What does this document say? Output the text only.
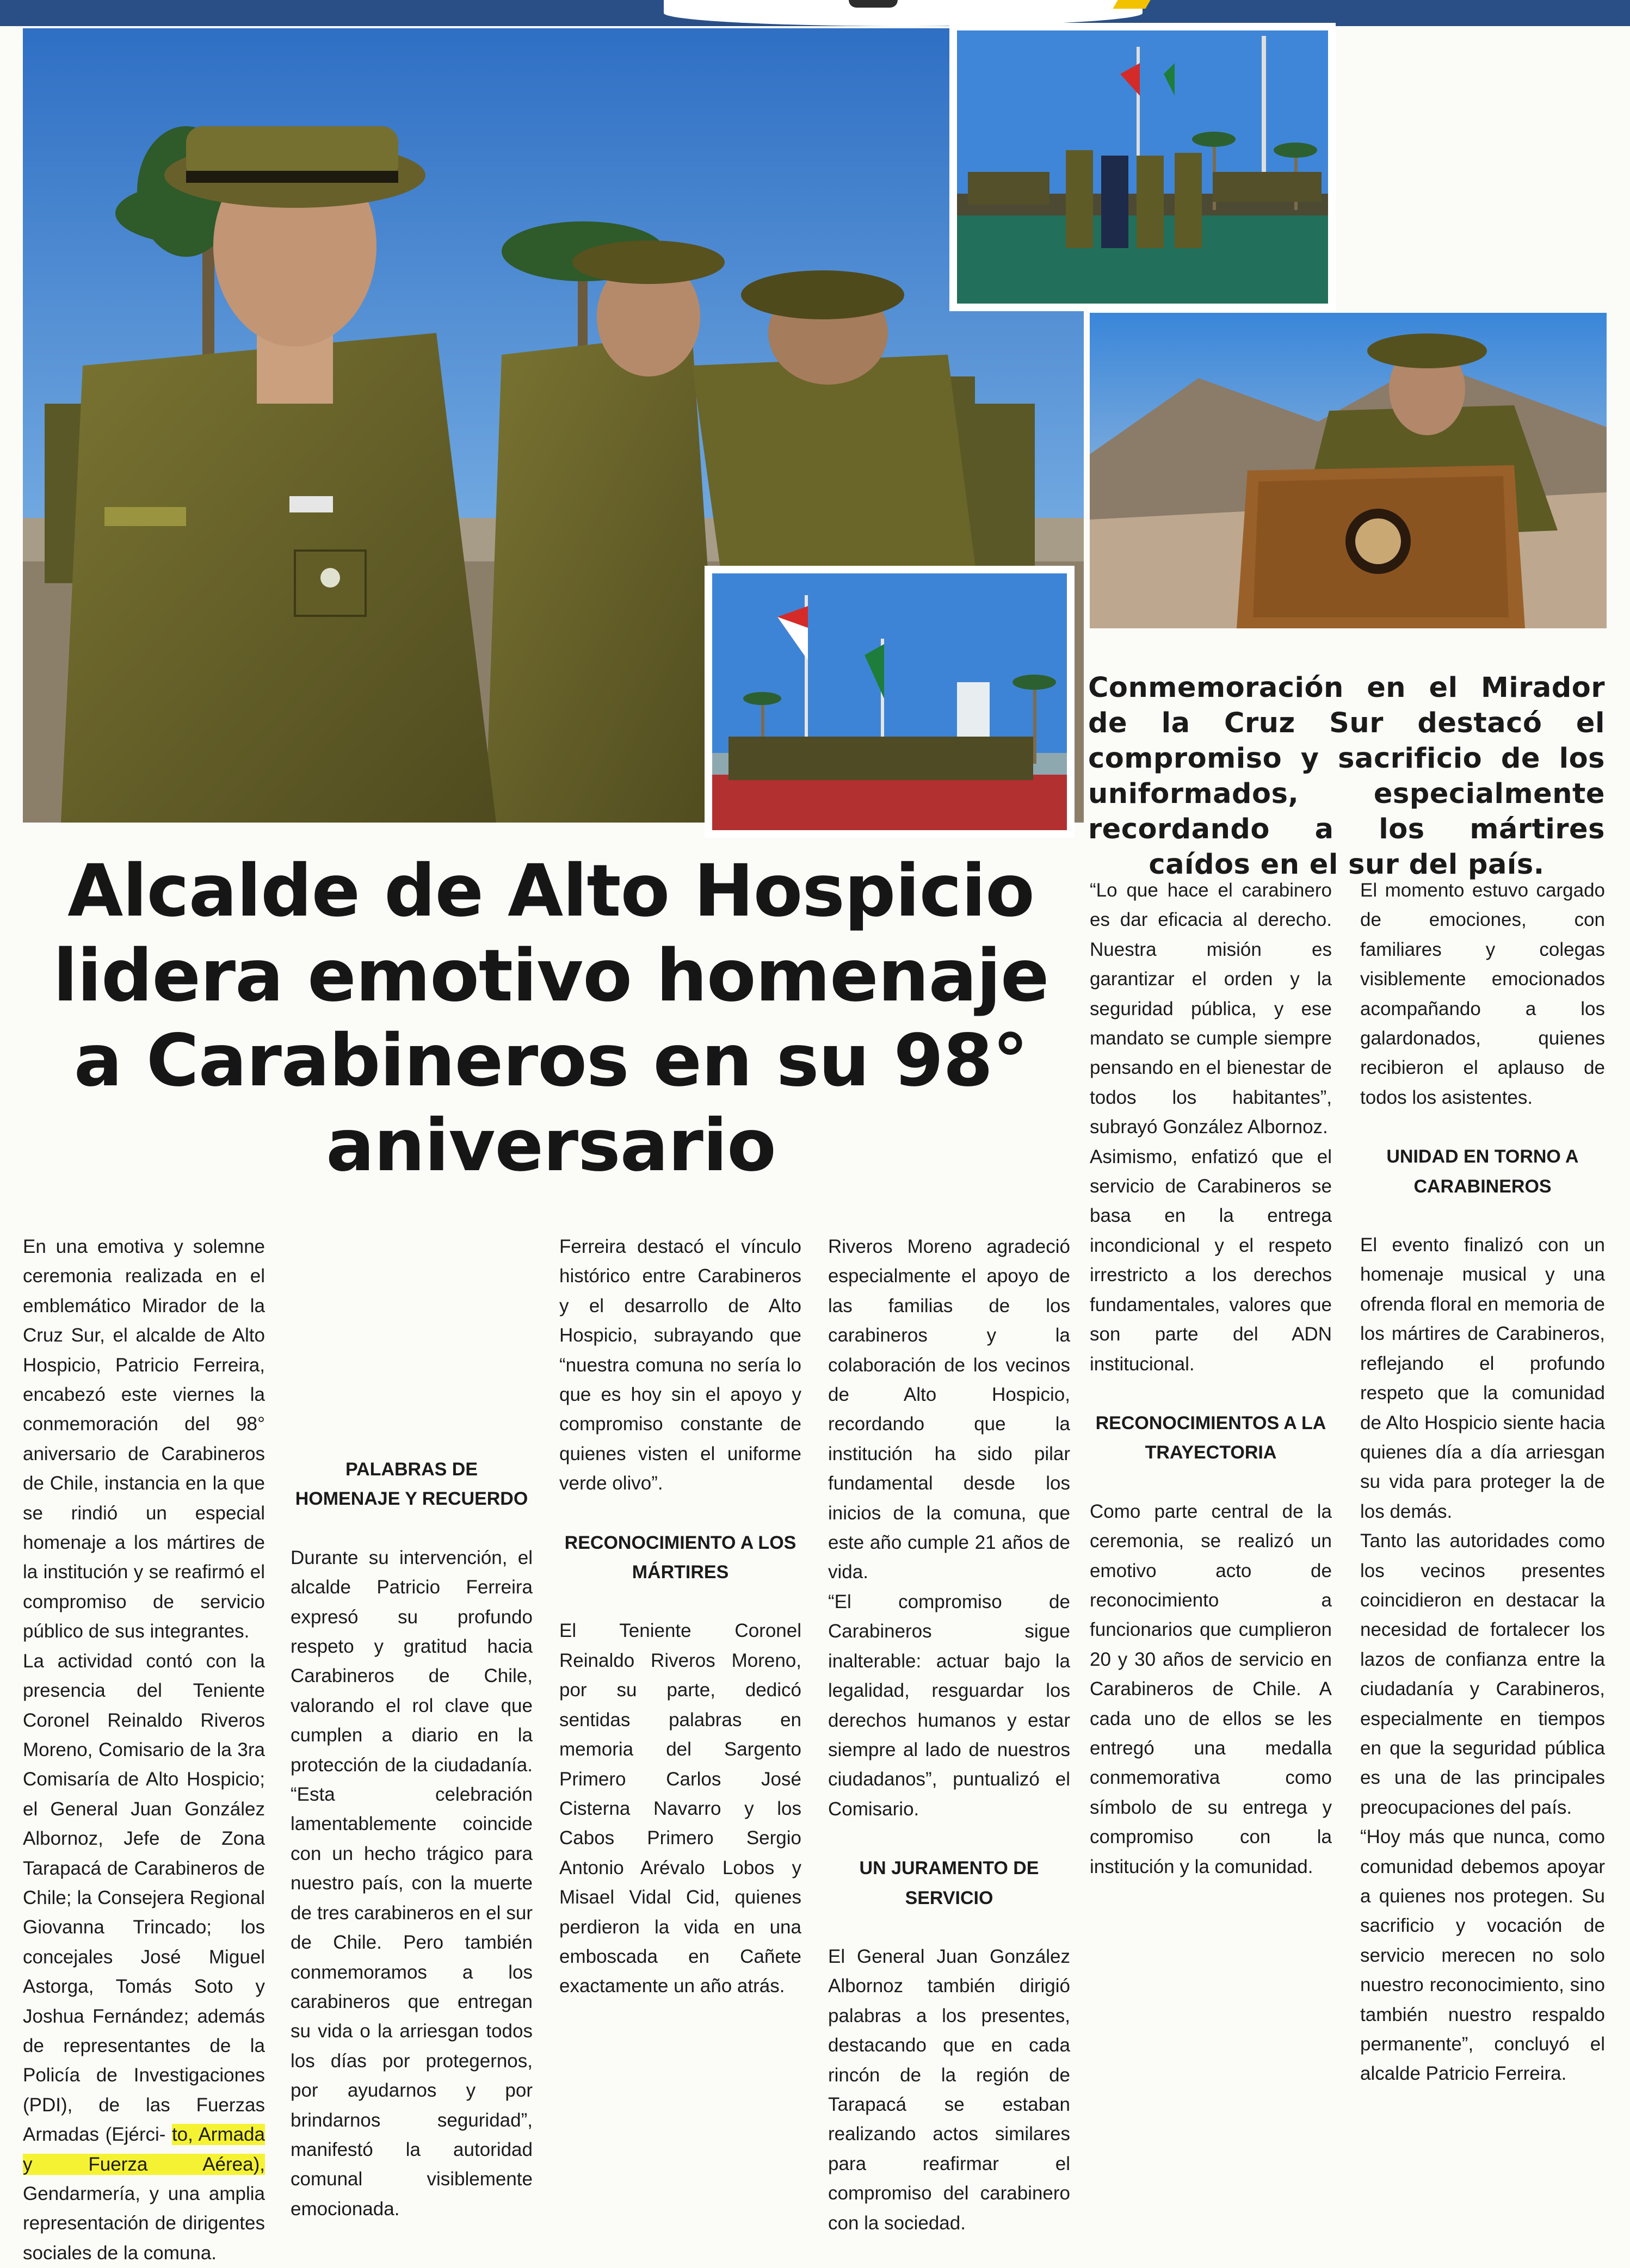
Conmemoración en el Mirador de la Cruz Sur destacó el compromiso y sacrificio de los uniformados, especialmente recordando a los mártires caídos en el sur del país.
Alcalde de Alto Hospicio lidera emotivo homenaje a Carabineros en su 98° aniversario

En una emotiva y solemne ceremonia realizada en el emblemático Mirador de la Cruz Sur, el alcalde de Alto Hospicio, Patricio Ferreira, encabezó este viernes la conmemoración del 98° aniversario de Carabineros de Chile, instancia en la que se rindió un especial homenaje a los mártires de la institución y se reafirmó el compromiso de servicio público de sus integrantes.

La actividad contó con la presencia del Teniente Coronel Reinaldo Riveros Moreno, Comisario de la 3ra Comisaría de Alto Hospicio; el General Juan González Albornoz, Jefe de Zona Tarapacá de Carabineros de Chile; la Consejera Regional Giovanna Trincado; los concejales José Miguel Astorga, Tomás Soto y Joshua Fernández; además de representantes de la Policía de Investigaciones (PDI), de las Fuerzas Armadas (Ejérci- to, Armada y Fuerza Aérea), Gendarmería, y una amplia representación de dirigentes sociales de la comuna.

PALABRAS DE HOMENAJE Y RECUERDO

Durante su intervención, el alcalde Patricio Ferreira expresó su profundo respeto y gratitud hacia Carabineros de Chile, valorando el rol clave que cumplen a diario en la protección de la ciudadanía. “Esta celebración lamentablemente coincide con un hecho trágico para nuestro país, con la muerte de tres carabineros en el sur de Chile. Pero también conmemoramos a los carabineros que entregan su vida o la arriesgan todos los días por protegernos, por ayudarnos y por brindarnos seguridad”, manifestó la autoridad comunal visiblemente emocionada.

Ferreira destacó el vínculo histórico entre Carabineros y el desarrollo de Alto Hospicio, subrayando que “nuestra comuna no sería lo que es hoy sin el apoyo y compromiso constante de quienes visten el uniforme verde olivo”.

RECONOCIMIENTO A LOS MÁRTIRES

El Teniente Coronel Reinaldo Riveros Moreno, por su parte, dedicó sentidas palabras en memoria del Sargento Primero Carlos José Cisterna Navarro y los Cabos Primero Sergio Antonio Arévalo Lobos y Misael Vidal Cid, quienes perdieron la vida en una emboscada en Cañete exactamente un año atrás.

Riveros Moreno agradeció especialmente el apoyo de las familias de los carabineros y la colaboración de los vecinos de Alto Hospicio, recordando que la institución ha sido pilar fundamental desde los inicios de la comuna, que este año cumple 21 años de vida.

“El compromiso de Carabineros sigue inalterable: actuar bajo la legalidad, resguardar los derechos humanos y estar siempre al lado de nuestros ciudadanos”, puntualizó el Comisario.

UN JURAMENTO DE SERVICIO

El General Juan González Albornoz también dirigió palabras a los presentes, destacando que en cada rincón de la región de Tarapacá se estaban realizando actos similares para reafirmar el compromiso del carabinero con la sociedad.

“Lo que hace el carabinero es dar eficacia al derecho. Nuestra misión es garantizar el orden y la seguridad pública, y ese mandato se cumple siempre pensando en el bienestar de todos los habitantes”, subrayó González Albornoz.

Asimismo, enfatizó que el servicio de Carabineros se basa en la entrega incondicional y el respeto irrestricto a los derechos fundamentales, valores que son parte del ADN institucional.

RECONOCIMIENTOS A LA TRAYECTORIA

Como parte central de la ceremonia, se realizó un emotivo acto de reconocimiento a funcionarios que cumplieron 20 y 30 años de servicio en Carabineros de Chile. A cada uno de ellos se les entregó una medalla conmemorativa como símbolo de su entrega y compromiso con la institución y la comunidad.

El momento estuvo cargado de emociones, con familiares y colegas visiblemente emocionados acompañando a los galardonados, quienes recibieron el aplauso de todos los asistentes.

UNIDAD EN TORNO A CARABINEROS

El evento finalizó con un homenaje musical y una ofrenda floral en memoria de los mártires de Carabineros, reflejando el profundo respeto que la comunidad de Alto Hospicio siente hacia quienes día a día arriesgan su vida para proteger la de los demás.

Tanto las autoridades como los vecinos presentes coincidieron en destacar la necesidad de fortalecer los lazos de confianza entre la ciudadanía y Carabineros, especialmente en tiempos en que la seguridad pública es una de las principales preocupaciones del país.

“Hoy más que nunca, como comunidad debemos apoyar a quienes nos protegen. Su sacrificio y vocación de servicio merecen no solo nuestro reconocimiento, sino también nuestro respaldo permanente”, concluyó el alcalde Patricio Ferreira.
